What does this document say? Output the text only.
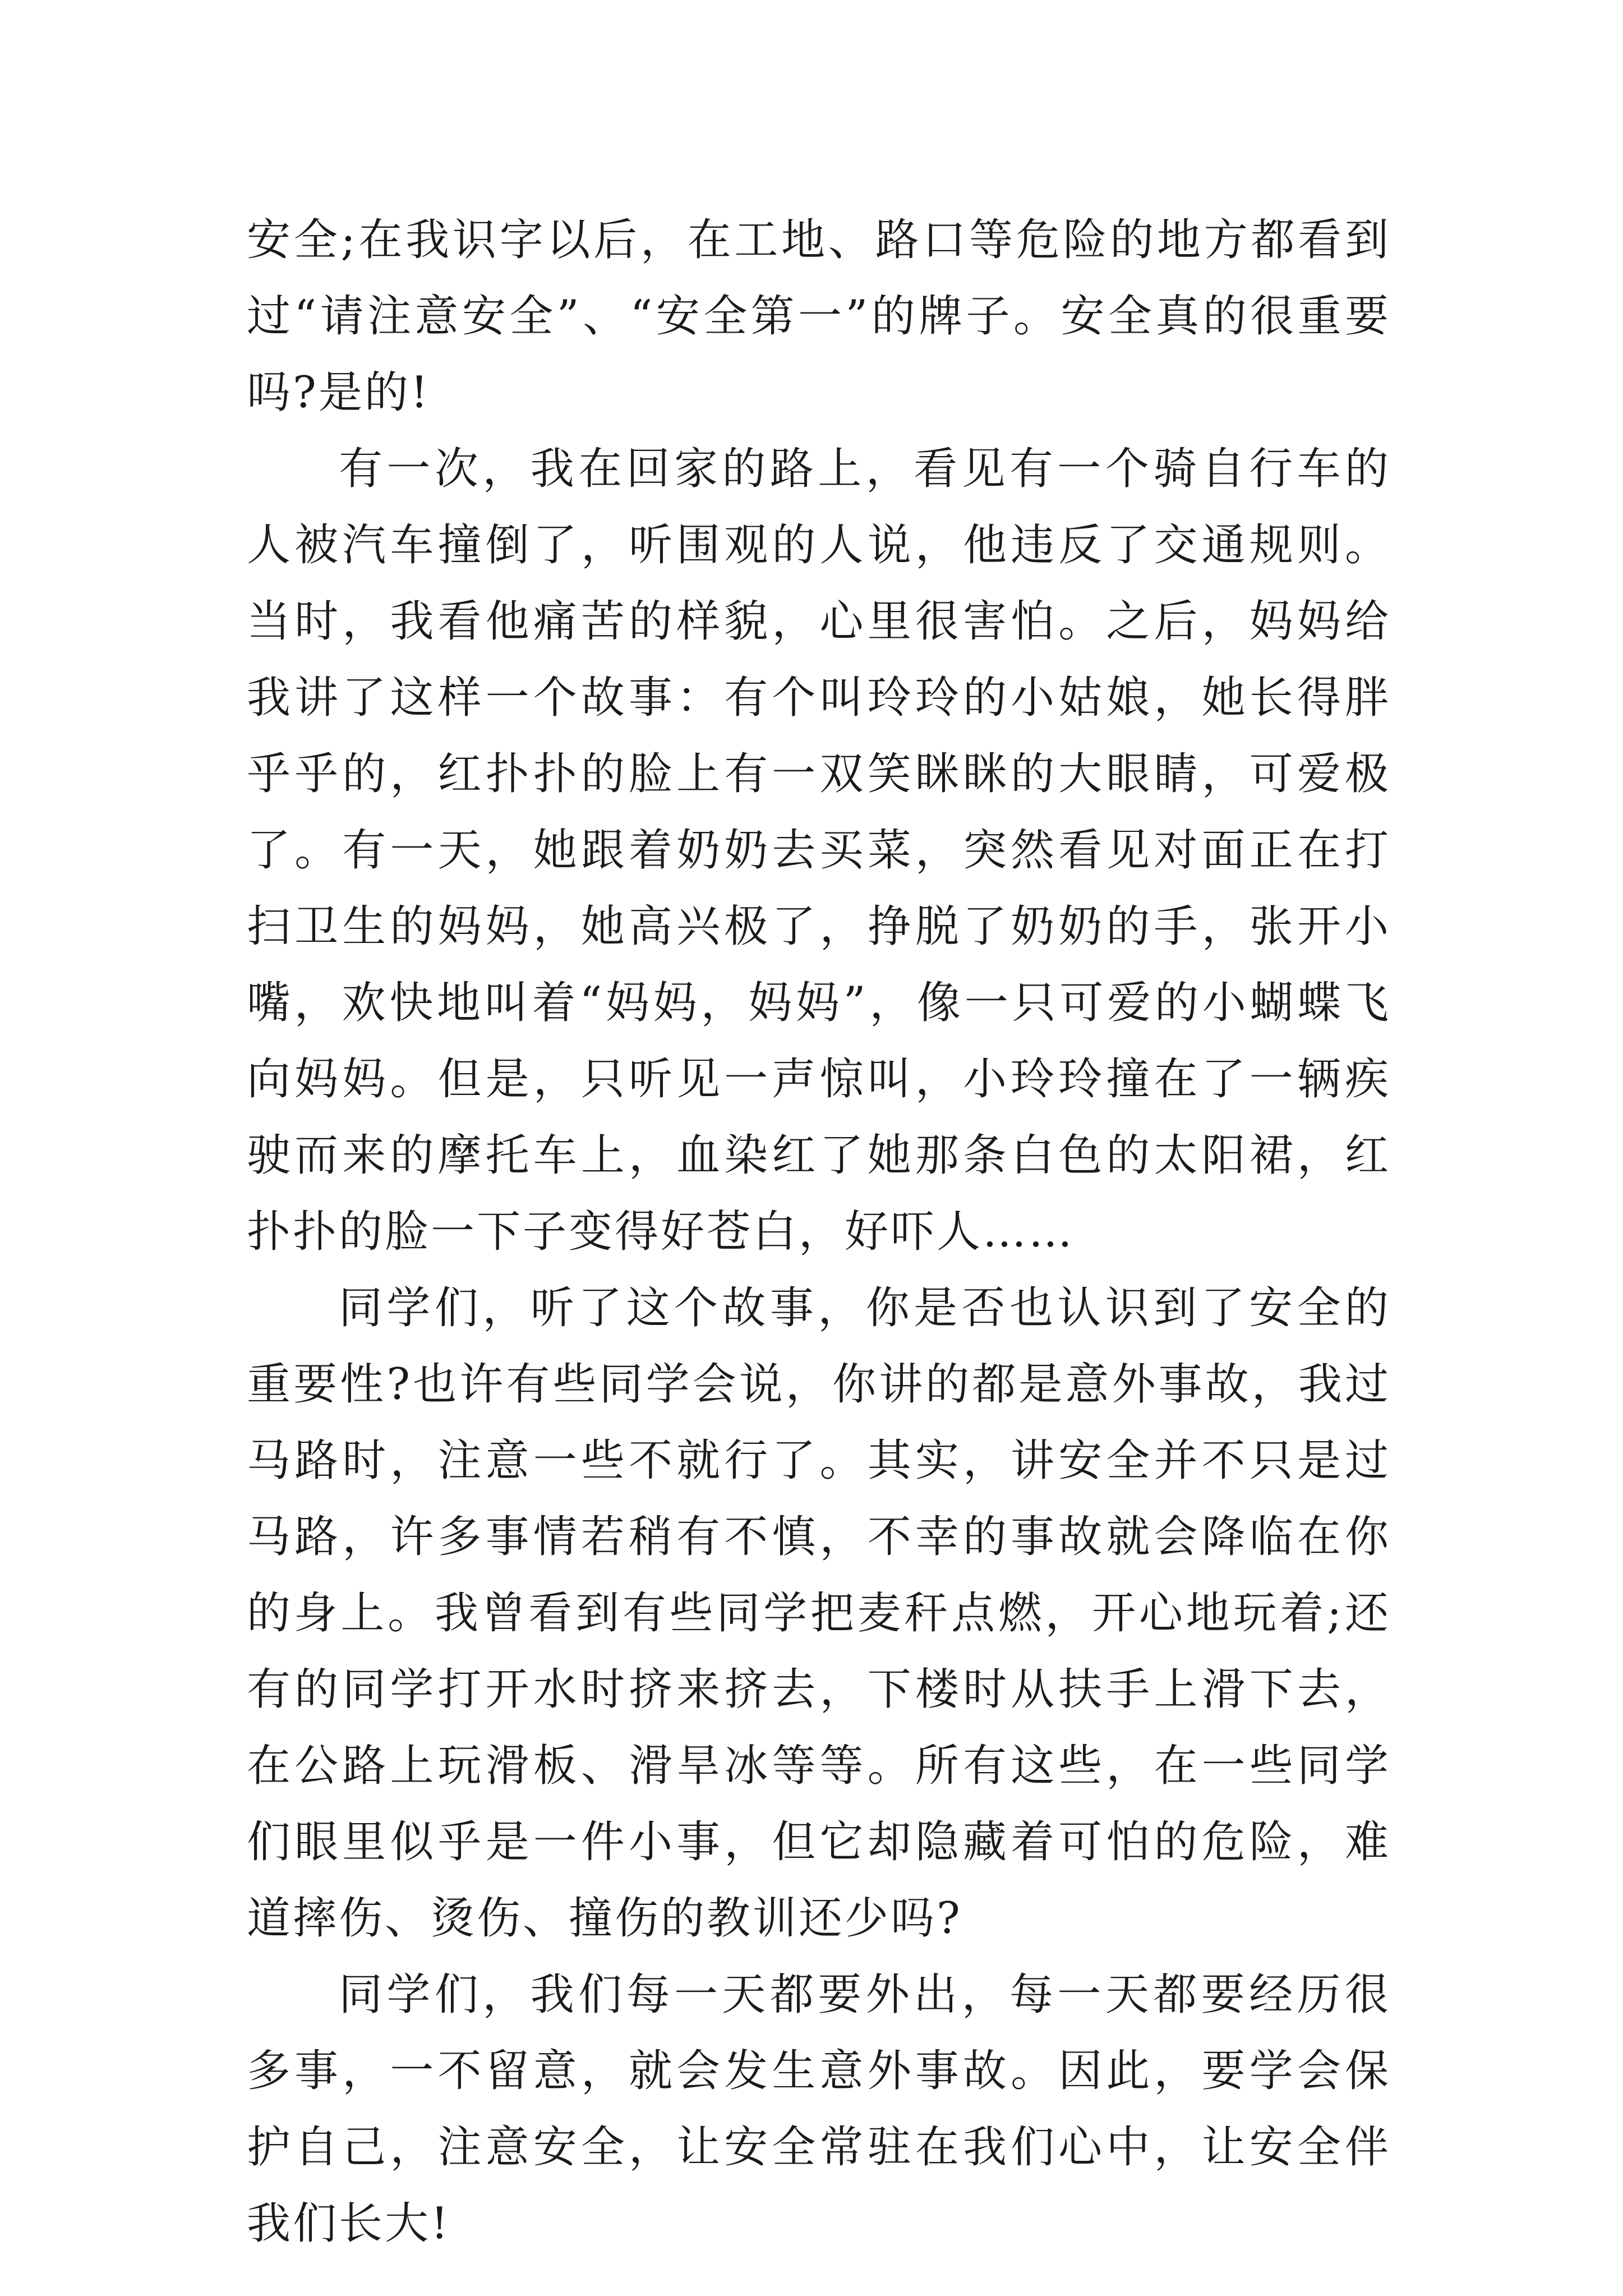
安全;在我识字以后，在工地、路口等危险的地方都看到过“请注意安全”、“安全第一”的牌子。安全真的很重要吗?是的!

有一次，我在回家的路上，看见有一个骑自行车的人被汽车撞倒了，听围观的人说，他违反了交通规则。当时，我看他痛苦的样貌，心里很害怕。之后，妈妈给我讲了这样一个故事：有个叫玲玲的小姑娘，她长得胖乎乎的，红扑扑的脸上有一双笑眯眯的大眼睛，可爱极了。有一天，她跟着奶奶去买菜，突然看见对面正在打扫卫生的妈妈，她高兴极了，挣脱了奶奶的手，张开小嘴，欢快地叫着“妈妈，妈妈”，像一只可爱的小蝴蝶飞向妈妈。但是，只听见一声惊叫，小玲玲撞在了一辆疾驶而来的摩托车上，血染红了她那条白色的太阳裙，红扑扑的脸一下子变得好苍白，好吓人……

同学们，听了这个故事，你是否也认识到了安全的重要性?也许有些同学会说，你讲的都是意外事故，我过马路时，注意一些不就行了。其实，讲安全并不只是过马路，许多事情若稍有不慎，不幸的事故就会降临在你的身上。我曾看到有些同学把麦秆点燃，开心地玩着;还有的同学打开水时挤来挤去，下楼时从扶手上滑下去，在公路上玩滑板、滑旱冰等等。所有这些，在一些同学们眼里似乎是一件小事，但它却隐藏着可怕的危险，难道摔伤、烫伤、撞伤的教训还少吗?

同学们，我们每一天都要外出，每一天都要经历很多事，一不留意，就会发生意外事故。因此，要学会保护自己，注意安全，让安全常驻在我们心中，让安全伴我们长大!
